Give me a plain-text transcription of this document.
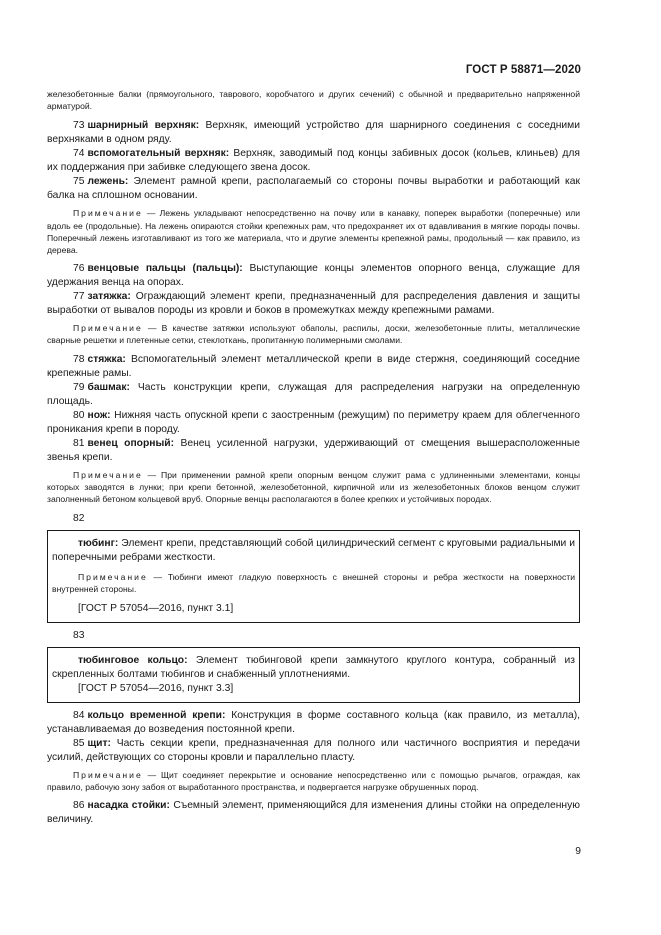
ГОСТ Р 58871—2020

железобетонные балки (прямоугольного, таврового, коробчатого и других сечений) с обычной и предварительно напряженной арматурой.

73 шарнирный верхняк: Верхняк, имеющий устройство для шарнирного соединения с соседними верхняками в одном ряду.

74 вспомогательный верхняк: Верхняк, заводимый под концы забивных досок (кольев, клиньев) для их поддержания при забивке следующего звена досок.

75 лежень: Элемент рамной крепи, располагаемый со стороны почвы выработки и работающий как балка на сплошном основании.

Примечание — Лежень укладывают непосредственно на почву или в канавку, поперек выработки (поперечные) или вдоль ее (продольные). На лежень опираются стойки крепежных рам, что предохраняет их от вдавливания в мягкие породы почвы. Поперечный лежень изготавливают из того же материала, что и другие элементы крепежной рамы, продольный — как правило, из дерева.

76 венцовые пальцы (пальцы): Выступающие концы элементов опорного венца, служащие для удержания венца на опорах.

77 затяжка: Ограждающий элемент крепи, предназначенный для распределения давления и защиты выработки от вывалов породы из кровли и боков в промежутках между крепежными рамами.

Примечание — В качестве затяжки используют обаполы, распилы, доски, железобетонные плиты, металлические сварные решетки и плетенные сетки, стеклоткань, пропитанную полимерными смолами.

78 стяжка: Вспомогательный элемент металлической крепи в виде стержня, соединяющий соседние крепежные рамы.

79 башмак: Часть конструкции крепи, служащая для распределения нагрузки на определенную площадь.

80 нож: Нижняя часть опускной крепи с заостренным (режущим) по периметру краем для облегченного проникания крепи в породу.

81 венец опорный: Венец усиленной нагрузки, удерживающий от смещения вышерасположенные звенья крепи.

Примечание — При применении рамной крепи опорным венцом служит рама с удлиненными элементами, концы которых заводятся в лунки; при крепи бетонной, железобетонной, кирпичной или из железобетонных блоков венцом служит заполненный бетоном кольцевой вруб. Опорные венцы располагаются в более крепких и устойчивых породах.

82

тюбинг: Элемент крепи, представляющий собой цилиндрический сегмент с круговыми радиальными и поперечными ребрами жесткости.

Примечание — Тюбинги имеют гладкую поверхность с внешней стороны и ребра жесткости на поверхности внутренней стороны.

[ГОСТ Р 57054—2016, пункт 3.1]

83

тюбинговое кольцо: Элемент тюбинговой крепи замкнутого круглого контура, собранный из скрепленных болтами тюбингов и снабженный уплотнениями.

[ГОСТ Р 57054—2016, пункт 3.3]

84 кольцо временной крепи: Конструкция в форме составного кольца (как правило, из металла), устанавливаемая до возведения постоянной крепи.

85 щит: Часть секции крепи, предназначенная для полного или частичного восприятия и передачи усилий, действующих со стороны кровли и параллельно пласту.

Примечание — Щит соединяет перекрытие и основание непосредственно или с помощью рычагов, ограждая, как правило, рабочую зону забоя от выработанного пространства, и подвергается нагрузке обрушенных пород.

86 насадка стойки: Съемный элемент, применяющийся для изменения длины стойки на определенную величину.

9
